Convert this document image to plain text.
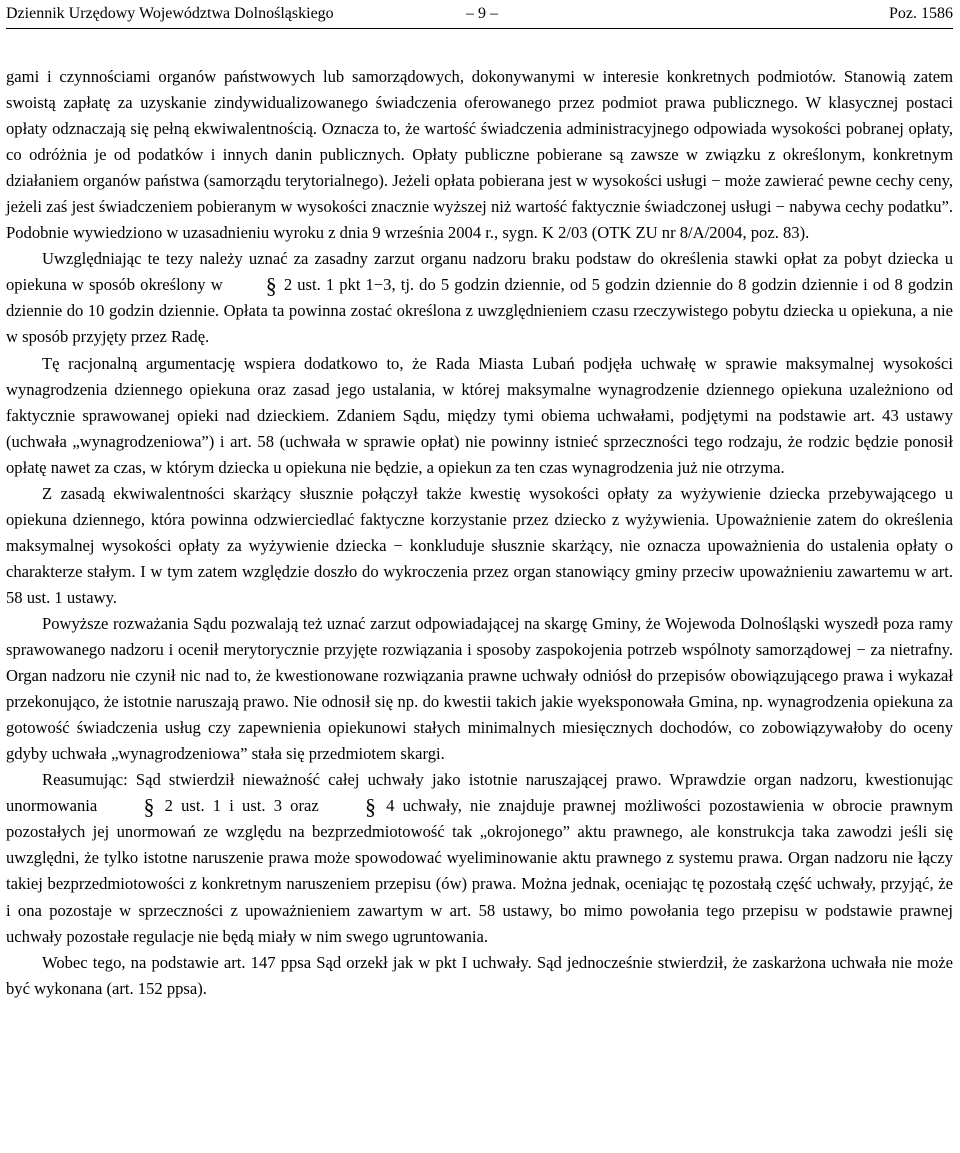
Dziennik Urzędowy Województwa Dolnośląskiego	– 9 –	Poz. 1586

gami i czynnościami organów państwowych lub samorządowych, dokonywanymi w interesie konkretnych podmiotów. Stanowią zatem swoistą zapłatę za uzyskanie zindywidualizowanego świadczenia oferowanego przez podmiot prawa publicznego. W klasycznej postaci opłaty odznaczają się pełną ekwiwalentnością. Oznacza to, że wartość świadczenia administracyjnego odpowiada wysokości pobranej opłaty, co odróżnia je od podatków i innych danin publicznych. Opłaty publiczne pobierane są zawsze w związku z określonym, konkretnym działaniem organów państwa (samorządu terytorialnego). Jeżeli opłata pobierana jest w wysokości usługi − może zawierać pewne cechy ceny, jeżeli zaś jest świadczeniem pobieranym w wysokości znacznie wyższej niż wartość faktycznie świadczonej usługi − nabywa cechy podatku”. Podobnie wywiedziono w uzasadnieniu wyroku z dnia 9 września 2004 r., sygn. K 2/03 (OTK ZU nr 8/A/2004, poz. 83).

Uwzględniając te tezy należy uznać za zasadny zarzut organu nadzoru braku podstaw do określenia stawki opłat za pobyt dziecka u opiekuna w sposób określony w § 2 ust. 1 pkt 1−3, tj. do 5 godzin dziennie, od 5 godzin dziennie do 8 godzin dziennie i od 8 godzin dziennie do 10 godzin dziennie. Opłata ta powinna zostać określona z uwzględnieniem czasu rzeczywistego pobytu dziecka u opiekuna, a nie w sposób przyjęty przez Radę.

Tę racjonalną argumentację wspiera dodatkowo to, że Rada Miasta Lubań podjęła uchwałę w sprawie maksymalnej wysokości wynagrodzenia dziennego opiekuna oraz zasad jego ustalania, w której maksymalne wynagrodzenie dziennego opiekuna uzależniono od faktycznie sprawowanej opieki nad dzieckiem. Zdaniem Sądu, między tymi obiema uchwałami, podjętymi na podstawie art. 43 ustawy (uchwała „wynagrodzeniowa”) i art. 58 (uchwała w sprawie opłat) nie powinny istnieć sprzeczności tego rodzaju, że rodzic będzie ponosił opłatę nawet za czas, w którym dziecka u opiekuna nie będzie, a opiekun za ten czas wynagrodzenia już nie otrzyma.

Z zasadą ekwiwalentności skarżący słusznie połączył także kwestię wysokości opłaty za wyżywienie dziecka przebywającego u opiekuna dziennego, która powinna odzwierciedlać faktyczne korzystanie przez dziecko z wyżywienia. Upoważnienie zatem do określenia maksymalnej wysokości opłaty za wyżywienie dziecka − konkluduje słusznie skarżący, nie oznacza upoważnienia do ustalenia opłaty o charakterze stałym. I w tym zatem względzie doszło do wykroczenia przez organ stanowiący gminy przeciw upoważnieniu zawartemu w art. 58 ust. 1 ustawy.

Powyższe rozważania Sądu pozwalają też uznać zarzut odpowiadającej na skargę Gminy, że Wojewoda Dolnośląski wyszedł poza ramy sprawowanego nadzoru i ocenił merytorycznie przyjęte rozwiązania i sposoby zaspokojenia potrzeb wspólnoty samorządowej − za nietrafny. Organ nadzoru nie czynił nic nad to, że kwestionowane rozwiązania prawne uchwały odniósł do przepisów obowiązującego prawa i wykazał przekonująco, że istotnie naruszają prawo. Nie odnosił się np. do kwestii takich jakie wyeksponowała Gmina, np. wynagrodzenia opiekuna za gotowość świadczenia usług czy zapewnienia opiekunowi stałych minimalnych miesięcznych dochodów, co zobowiązywałoby do oceny gdyby uchwała „wynagrodzeniowa” stała się przedmiotem skargi.

Reasumując: Sąd stwierdził nieważność całej uchwały jako istotnie naruszającej prawo. Wprawdzie organ nadzoru, kwestionując unormowania § 2 ust. 1 i ust. 3 oraz § 4 uchwały, nie znajduje prawnej możliwości pozostawienia w obrocie prawnym pozostałych jej unormowań ze względu na bezprzedmiotowość tak „okrojonego” aktu prawnego, ale konstrukcja taka zawodzi jeśli się uwzględni, że tylko istotne naruszenie prawa może spowodować wyeliminowanie aktu prawnego z systemu prawa. Organ nadzoru nie łączy takiej bezprzedmiotowości z konkretnym naruszeniem przepisu (ów) prawa. Można jednak, oceniając tę pozostałą część uchwały, przyjąć, że i ona pozostaje w sprzeczności z upoważnieniem zawartym w art. 58 ustawy, bo mimo powołania tego przepisu w podstawie prawnej uchwały pozostałe regulacje nie będą miały w nim swego ugruntowania.

Wobec tego, na podstawie art. 147 ppsa Sąd orzekł jak w pkt I uchwały. Sąd jednocześnie stwierdził, że zaskarżona uchwała nie może być wykonana (art. 152 ppsa).
